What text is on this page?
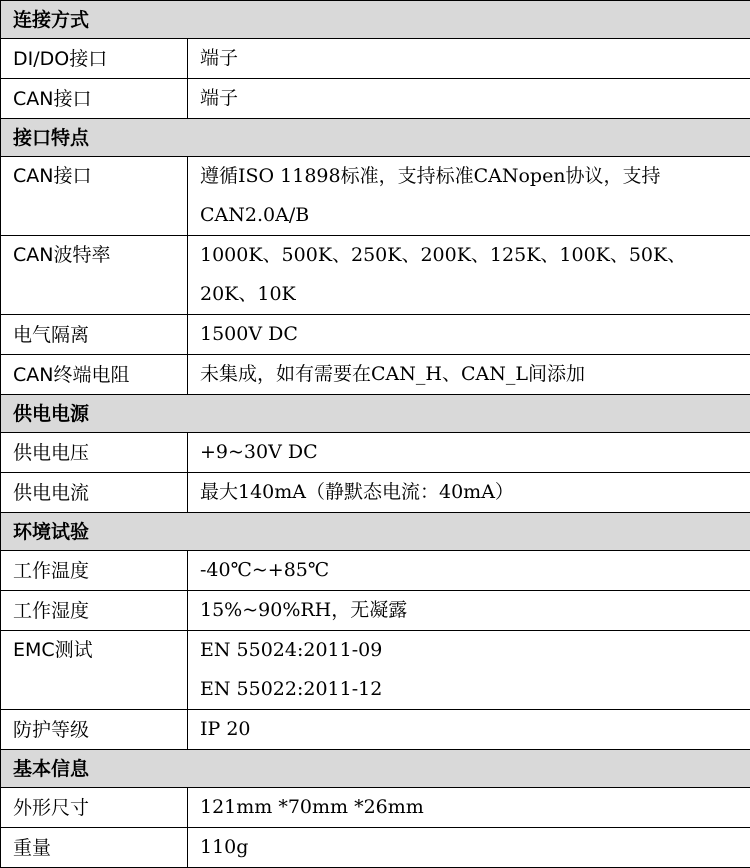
连接方式	
DI/DO接口	端子

CAN接口	端子

接口特点	

CAN接口	遵循ISO 11898标准，支持标准CANopen协议，支持
CAN2.0A/B

CAN波特率	1000K、500K、250K、200K、125K、100K、50K、
20K、10K

电气隔离	1500V DC

CAN终端电阻	未集成，如有需要在CAN_H、CAN_L间添加

供电电源	
供电电压	+9~30V DC

供电电流	最大140mA（静默态电流：40mA）

环境试验	
工作温度	-40℃~+85℃

工作湿度	15%~90%RH，无凝露

EMC测试	EN 55024:2011-09
EN 55022:2011-12

防护等级	IP 20

基本信息	
外形尺寸	121mm *70mm *26mm

重量	110g
